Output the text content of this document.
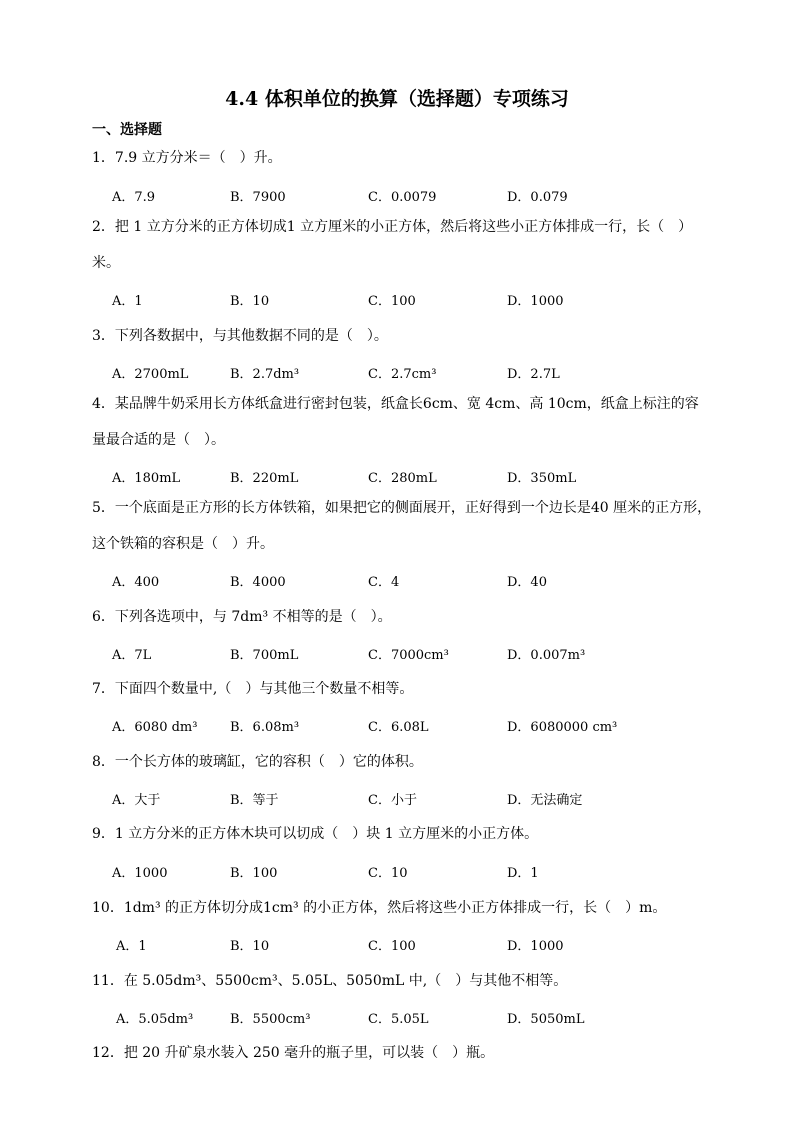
4.4 体积单位的换算（选择题）专项练习
一、选择题
1．7.9 立方分米＝（　）升。
A．7.9	B．7900	C．0.0079	D．0.079
2．把 1 立方分米的正方体切成1 立方厘米的小正方体，然后将这些小正方体排成一行，长（　）米。
A．1	B．10	C．100	D．1000
3．下列各数据中，与其他数据不同的是（　）。
A．2700mL	B．2.7dm³	C．2.7cm³	D．2.7L
4．某品牌牛奶采用长方体纸盒进行密封包装，纸盒长6cm、宽 4cm、高 10cm，纸盒上标注的容量最合适的是（　）。
A．180mL	B．220mL	C．280mL	D．350mL
5．一个底面是正方形的长方体铁箱，如果把它的侧面展开，正好得到一个边长是40 厘米的正方形，这个铁箱的容积是（　）升。
A．400	B．4000	C．4	D．40
6．下列各选项中，与 7dm³ 不相等的是（　）。
A．7L	B．700mL	C．7000cm³	D．0.007m³
7．下面四个数量中,（　）与其他三个数量不相等。
A．6080 dm³	B．6.08m³	C．6.08L	D．6080000 cm³
8．一个长方体的玻璃缸，它的容积（　）它的体积。
A．大于	B．等于	C．小于	D．无法确定
9．1 立方分米的正方体木块可以切成（　）块 1 立方厘米的小正方体。
A．1000	B．100	C．10	D．1
10．1dm³ 的正方体切分成1cm³ 的小正方体，然后将这些小正方体排成一行，长（　）m。
A．1	B．10	C．100	D．1000
11．在 5.05dm³、5500cm³、5.05L、5050mL 中,（　）与其他不相等。
A．5.05dm³	B．5500cm³	C．5.05L	D．5050mL
12．把 20 升矿泉水装入 250 毫升的瓶子里，可以装（　）瓶。
